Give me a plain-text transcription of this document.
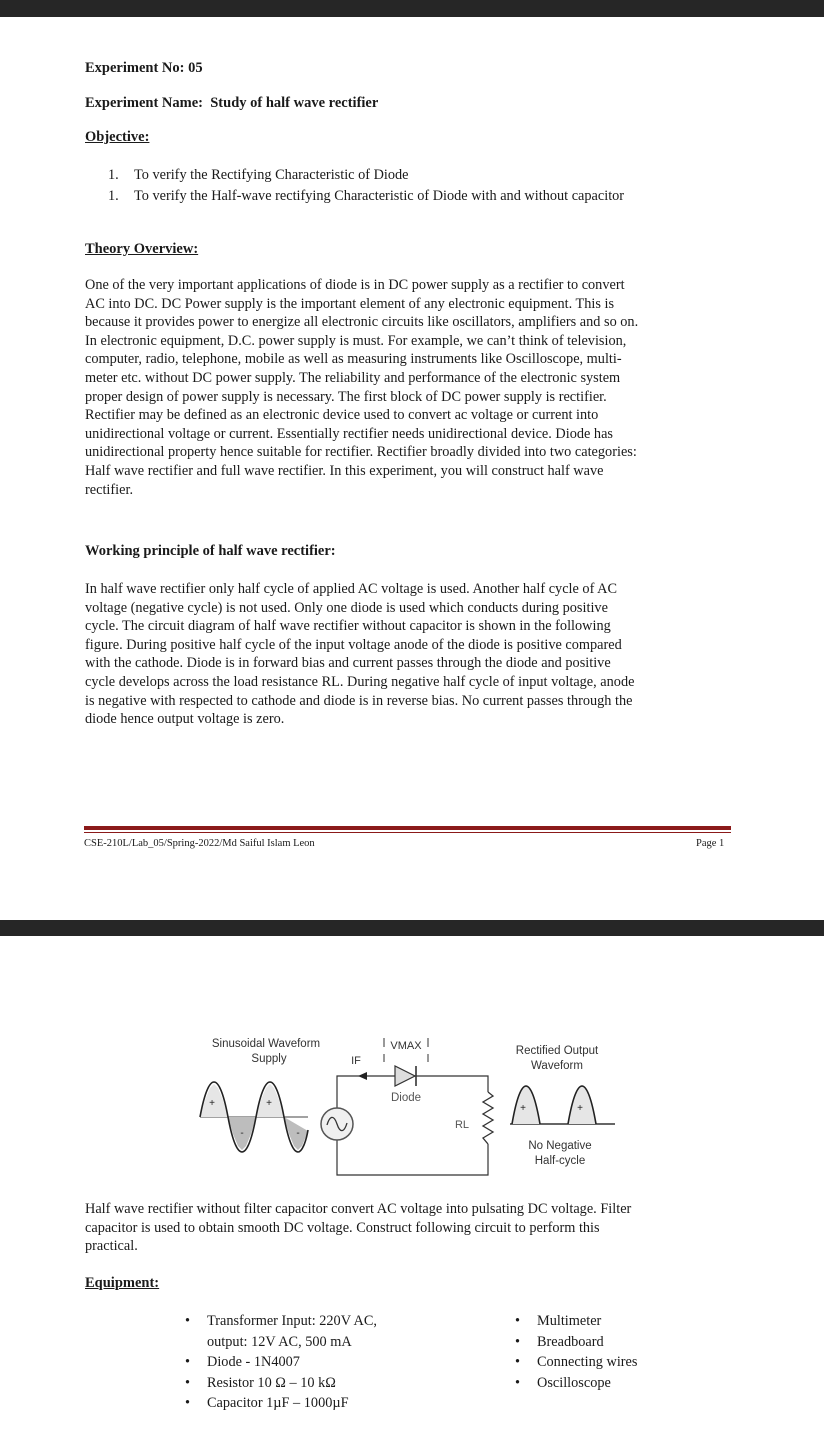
Experiment No: 05
Experiment Name: Study of half wave rectifier
Objective:
1. To verify the Rectifying Characteristic of Diode
1. To verify the Half-wave rectifying Characteristic of Diode with and without capacitor
Theory Overview:

One of the very important applications of diode is in DC power supply as a rectifier to convert

AC into DC. DC Power supply is the important element of any electronic equipment. This is

because it provides power to energize all electronic circuits like oscillators, amplifiers and so on.

In electronic equipment, D.C. power supply is must. For example, we can’t think of television,

computer, radio, telephone, mobile as well as measuring instruments like Oscilloscope, multi-

meter etc. without DC power supply. The reliability and performance of the electronic system

proper design of power supply is necessary. The first block of DC power supply is rectifier.

Rectifier may be defined as an electronic device used to convert ac voltage or current into

unidirectional voltage or current. Essentially rectifier needs unidirectional device. Diode has

unidirectional property hence suitable for rectifier. Rectifier broadly divided into two categories:

Half wave rectifier and full wave rectifier. In this experiment, you will construct half wave

rectifier.

Working principle of half wave rectifier:

In half wave rectifier only half cycle of applied AC voltage is used. Another half cycle of AC

voltage (negative cycle) is not used. Only one diode is used which conducts during positive

cycle. The circuit diagram of half wave rectifier without capacitor is shown in the following

figure. During positive half cycle of the input voltage anode of the diode is positive compared

with the cathode. Diode is in forward bias and current passes through the diode and positive

cycle develops across the load resistance RL. During negative half cycle of input voltage, anode

is negative with respected to cathode and diode is in reverse bias. No current passes through the

diode hence output voltage is zero.

CSE-210L/Lab_05/Spring-2022/Md Saiful Islam Leon	Page 1
Sinusoidal Waveform
Supply
+	+
-	-
IF
VMAX
Diode
RL
Rectified Output
Waveform
+	+
No Negative
Half-cycle

Half wave rectifier without filter capacitor convert AC voltage into pulsating DC voltage. Filter

capacitor is used to obtain smooth DC voltage. Construct following circuit to perform this

practical.

Equipment:
• Transformer Input: 220V AC,
output: 12V AC, 500 mA
• Diode - 1N4007
• Resistor 10 Ω – 10 kΩ
• Capacitor 1µF – 1000µF
• Multimeter
• Breadboard
• Connecting wires
• Oscilloscope
